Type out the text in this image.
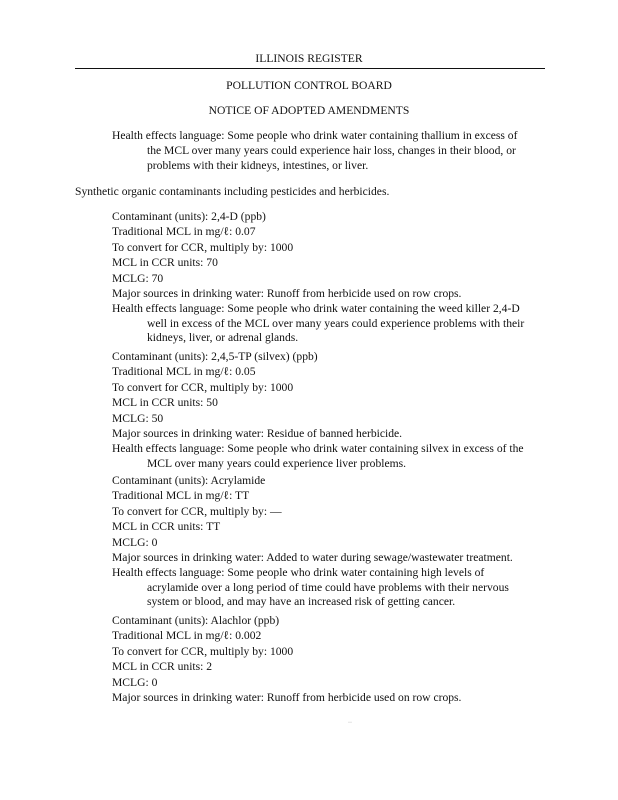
ILLINOIS REGISTER
POLLUTION CONTROL BOARD
NOTICE OF ADOPTED AMENDMENTS
Health effects language: Some people who drink water containing thallium in excess of
the MCL over many years could experience hair loss, changes in their blood, or
problems with their kidneys, intestines, or liver.
Synthetic organic contaminants including pesticides and herbicides.
Contaminant (units): 2,4-D (ppb)
Traditional MCL in mg/ℓ: 0.07
To convert for CCR, multiply by: 1000
MCL in CCR units: 70
MCLG: 70
Major sources in drinking water: Runoff from herbicide used on row crops.
Health effects language: Some people who drink water containing the weed killer 2,4-D
well in excess of the MCL over many years could experience problems with their
kidneys, liver, or adrenal glands.
Contaminant (units): 2,4,5-TP (silvex) (ppb)
Traditional MCL in mg/ℓ: 0.05
To convert for CCR, multiply by: 1000
MCL in CCR units: 50
MCLG: 50
Major sources in drinking water: Residue of banned herbicide.
Health effects language: Some people who drink water containing silvex in excess of the
MCL over many years could experience liver problems.
Contaminant (units): Acrylamide
Traditional MCL in mg/ℓ: TT
To convert for CCR, multiply by: —
MCL in CCR units: TT
MCLG: 0
Major sources in drinking water: Added to water during sewage/wastewater treatment.
Health effects language: Some people who drink water containing high levels of
acrylamide over a long period of time could have problems with their nervous
system or blood, and may have an increased risk of getting cancer.
Contaminant (units): Alachlor (ppb)
Traditional MCL in mg/ℓ: 0.002
To convert for CCR, multiply by: 1000
MCL in CCR units: 2
MCLG: 0
Major sources in drinking water: Runoff from herbicide used on row crops.
··
